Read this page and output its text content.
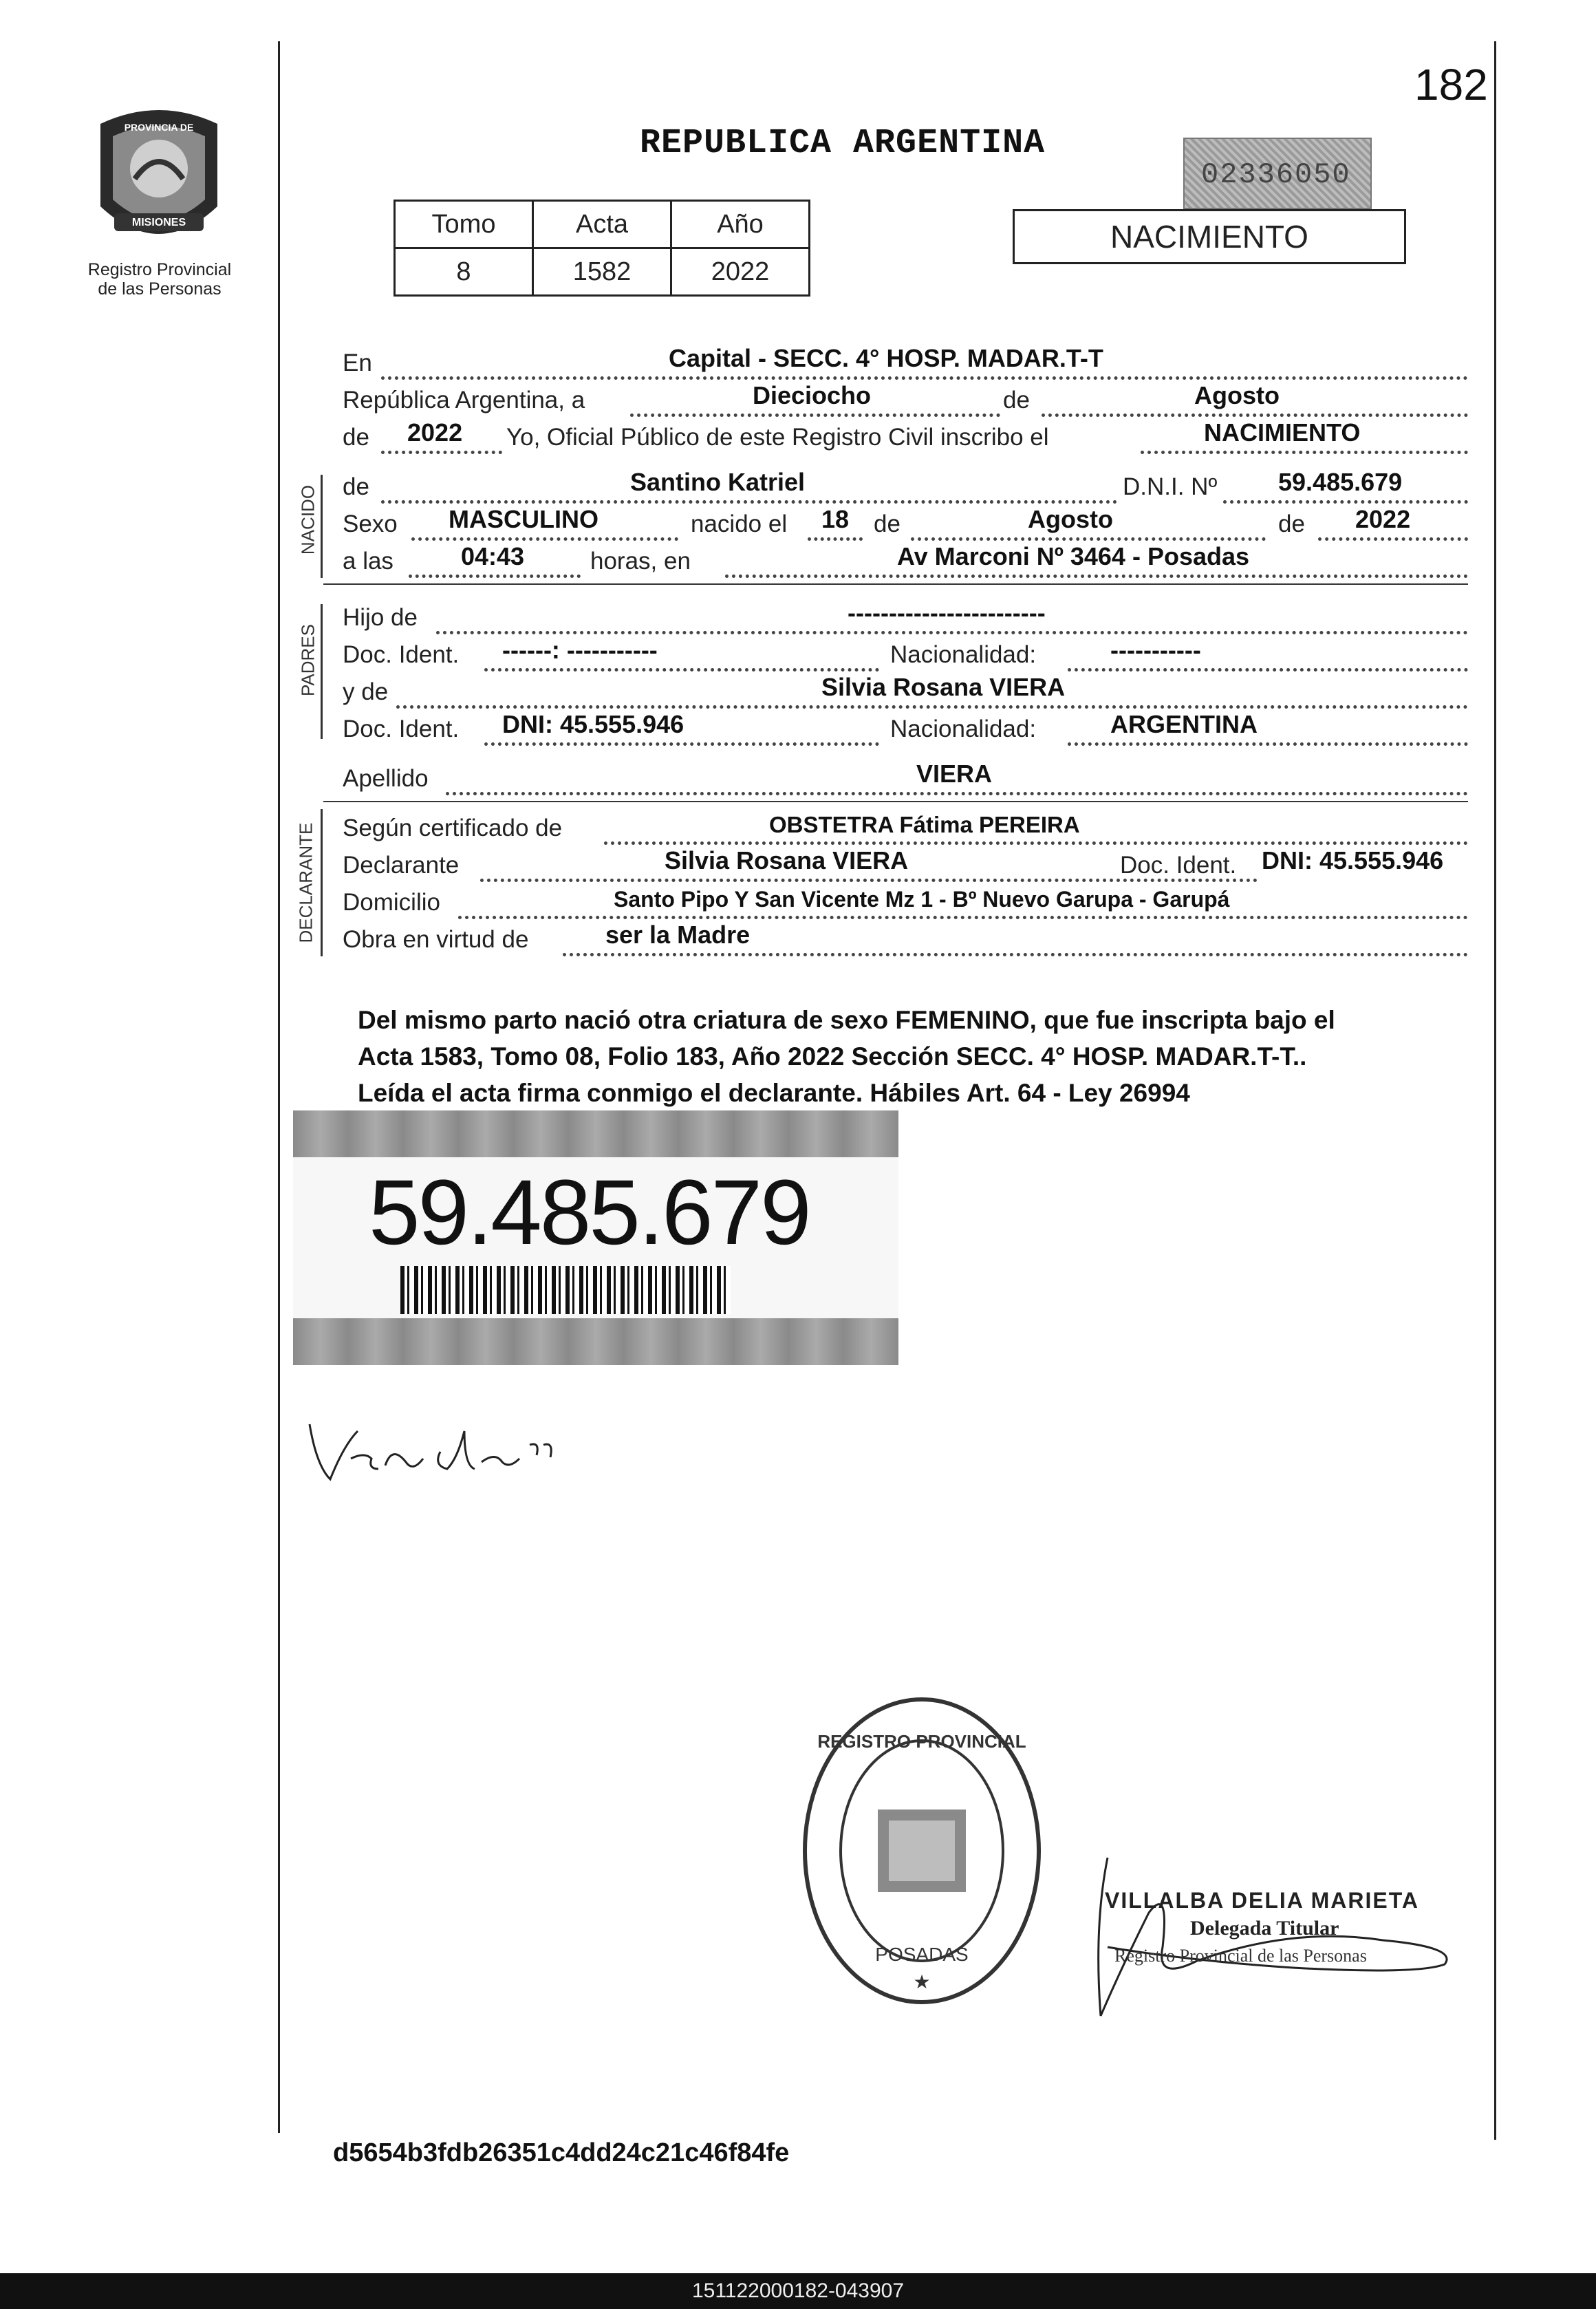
182
MISIONES
PROVINCIA DE
Registro Provincial
de las Personas
REPUBLICA ARGENTINA
02336050
NACIMIENTO
Tomo	Acta	Año
8	1582	2022
NACIDO
PADRES
DECLARANTE
En	Capital - SECC. 4° HOSP. MADAR.T-T
República Argentina, a	Dieciocho	de	Agosto
de 2022 Yo, Oficial Público de este Registro Civil inscribo el	NACIMIENTO
de	Santino Katriel	D.N.I. Nº 59.485.679
Sexo MASCULINO	nacido el 18 de	Agosto	de 2022
a las	04:43	horas, en	Av Marconi Nº 3464 - Posadas
Hijo de	------------------------
Doc. Ident. ------: -----------	Nacionalidad:	-----------
y de	Silvia Rosana VIERA
Doc. Ident. DNI: 45.555.946	Nacionalidad:	ARGENTINA
Apellido	VIERA
Según certificado de	OBSTETRA Fátima PEREIRA
Declarante	Silvia Rosana VIERA	Doc. Ident. DNI: 45.555.946
Domicilio	Santo Pipo Y San Vicente Mz 1 - Bº Nuevo Garupa - Garupá
Obra en virtud de	ser la Madre
Del mismo parto nació otra criatura de sexo FEMENINO, que fue inscripta bajo el
Acta 1583, Tomo 08, Folio 183, Año 2022 Sección SECC. 4° HOSP. MADAR.T-T..
Leída el acta firma conmigo el declarante. Hábiles Art. 64 - Ley 26994
59.485.679
REGISTRO PROVINCIAL
POSADAS
★
VILLALBA DELIA MARIETA
Delegada Titular
Registro Provincial de las Personas
d5654b3fdb26351c4dd24c21c46f84fe
151122000182-043907
